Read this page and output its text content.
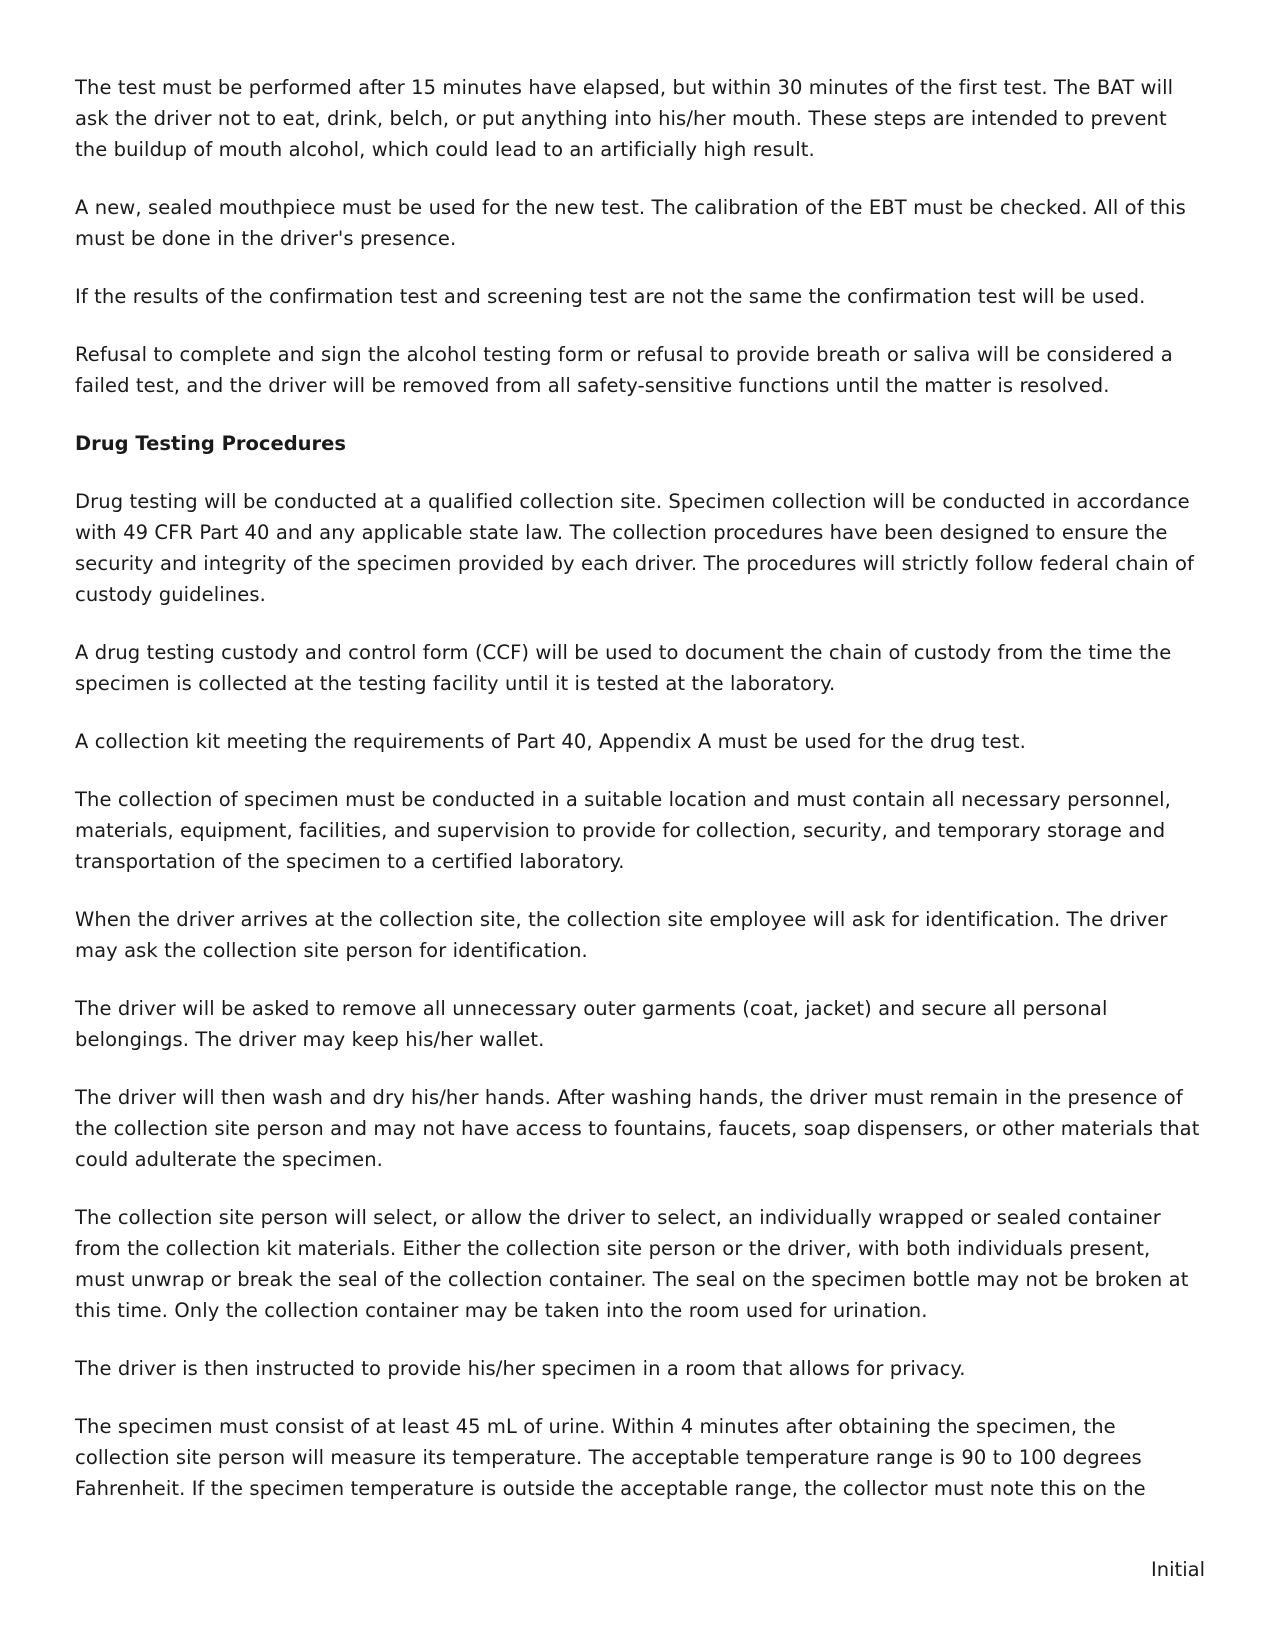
The test must be performed after 15 minutes have elapsed, but within 30 minutes of the first test. The BAT will ask the driver not to eat, drink, belch, or put anything into his/her mouth. These steps are intended to prevent the buildup of mouth alcohol, which could lead to an artificially high result.

A new, sealed mouthpiece must be used for the new test. The calibration of the EBT must be checked. All of this must be done in the driver's presence.

If the results of the confirmation test and screening test are not the same the confirmation test will be used.

Refusal to complete and sign the alcohol testing form or refusal to provide breath or saliva will be considered a failed test, and the driver will be removed from all safety-sensitive functions until the matter is resolved.

Drug Testing Procedures

Drug testing will be conducted at a qualified collection site. Specimen collection will be conducted in accordance with 49 CFR Part 40 and any applicable state law. The collection procedures have been designed to ensure the security and integrity of the specimen provided by each driver. The procedures will strictly follow federal chain of custody guidelines.

A drug testing custody and control form (CCF) will be used to document the chain of custody from the time the specimen is collected at the testing facility until it is tested at the laboratory.

A collection kit meeting the requirements of Part 40, Appendix A must be used for the drug test.

The collection of specimen must be conducted in a suitable location and must contain all necessary personnel, materials, equipment, facilities, and supervision to provide for collection, security, and temporary storage and transportation of the specimen to a certified laboratory.

When the driver arrives at the collection site, the collection site employee will ask for identification. The driver may ask the collection site person for identification.

The driver will be asked to remove all unnecessary outer garments (coat, jacket) and secure all personal belongings. The driver may keep his/her wallet.

The driver will then wash and dry his/her hands. After washing hands, the driver must remain in the presence of the collection site person and may not have access to fountains, faucets, soap dispensers, or other materials that could adulterate the specimen.

The collection site person will select, or allow the driver to select, an individually wrapped or sealed container from the collection kit materials. Either the collection site person or the driver, with both individuals present, must unwrap or break the seal of the collection container. The seal on the specimen bottle may not be broken at this time. Only the collection container may be taken into the room used for urination.

The driver is then instructed to provide his/her specimen in a room that allows for privacy.

The specimen must consist of at least 45 mL of urine. Within 4 minutes after obtaining the specimen, the collection site person will measure its temperature. The acceptable temperature range is 90 to 100 degrees Fahrenheit. If the specimen temperature is outside the acceptable range, the collector must note this on the

Initial
